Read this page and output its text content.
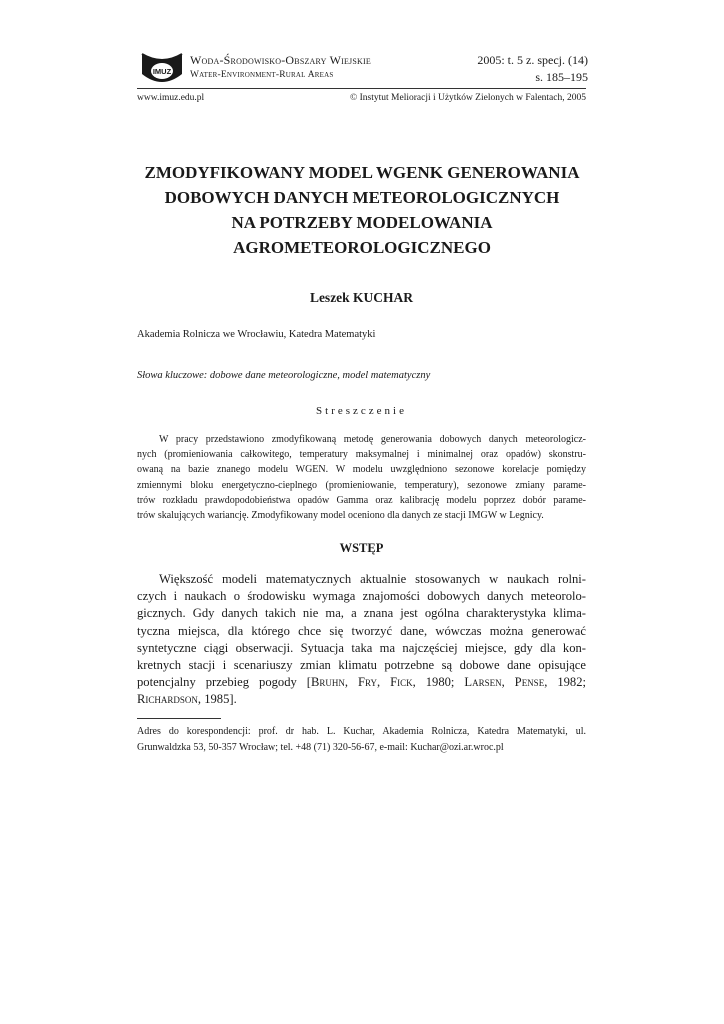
IMUZ
Woda-Środowisko-Obszary Wiejskie
Water-Environment-Rural Areas
2005: t. 5 z. specj. (14)
s. 185–195
www.imuz.edu.pl	© Instytut Melioracji i Użytków Zielonych w Falentach, 2005
ZMODYFIKOWANY MODEL WGENK GENEROWANIA
DOBOWYCH DANYCH METEOROLOGICZNYCH
NA POTRZEBY MODELOWANIA
AGROMETEOROLOGICZNEGO
Leszek KUCHAR
Akademia Rolnicza we Wrocławiu, Katedra Matematyki
Słowa kluczowe: dobowe dane meteorologiczne, model matematyczny
Streszczenie
W pracy przedstawiono zmodyfikowaną metodę generowania dobowych danych meteorologicz-
nych (promieniowania całkowitego, temperatury maksymalnej i minimalnej oraz opadów) skonstru-
owaną na bazie znanego modelu WGEN. W modelu uwzględniono sezonowe korelacje pomiędzy
zmiennymi bloku energetyczno-cieplnego (promieniowanie, temperatury), sezonowe zmiany parame-
trów rozkładu prawdopodobieństwa opadów Gamma oraz kalibrację modelu poprzez dobór parame-
trów skalujących wariancję. Zmodyfikowany model oceniono dla danych ze stacji IMGW w Legnicy.
WSTĘP
Większość modeli matematycznych aktualnie stosowanych w naukach rolni-
czych i naukach o środowisku wymaga znajomości dobowych danych meteorolo-
gicznych. Gdy danych takich nie ma, a znana jest ogólna charakterystyka klima-
tyczna miejsca, dla którego chce się tworzyć dane, wówczas można generować
syntetyczne ciągi obserwacji. Sytuacja taka ma najczęściej miejsce, gdy dla kon-
kretnych stacji i scenariuszy zmian klimatu potrzebne są dobowe dane opisujące
potencjalny przebieg pogody [Bruhn, Fry, Fick, 1980; Larsen, Pense, 1982;
Richardson, 1985].
Adres do korespondencji: prof. dr hab. L. Kuchar, Akademia Rolnicza, Katedra Matematyki, ul.
Grunwaldzka 53, 50-357 Wrocław; tel. +48 (71) 320-56-67, e-mail: Kuchar@ozi.ar.wroc.pl
